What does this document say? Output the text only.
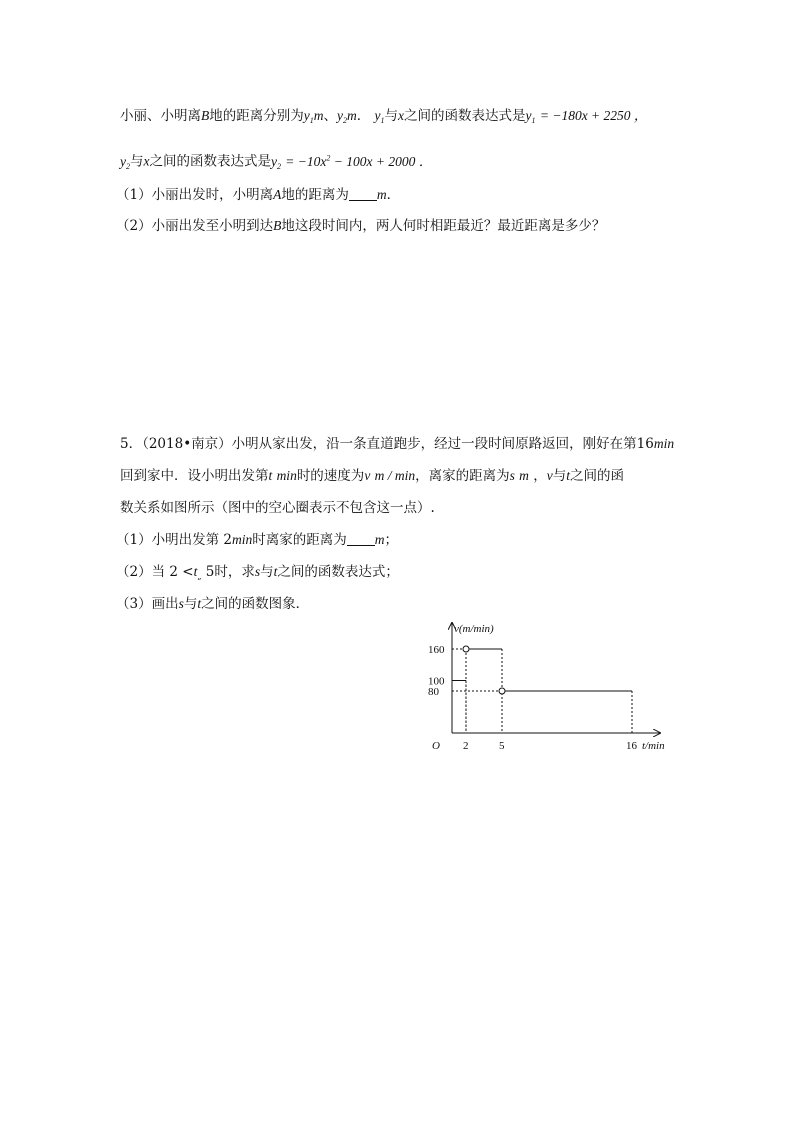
小丽、小明离B地的距离分别为$y_1m$、$y_2m$． $y_1$与x之间的函数表达式是$y_1 = -180x + 2250$ ，
$y_2$与x之间的函数表达式是$y_2 = -10x^2 - 100x + 2000$ ．
（1）小丽出发时，小明离A地的距离为 m．
（2）小丽出发至小明到达B地这段时间内，两人何时相距最近？最近距离是多少？
5．（2018•南京）小明从家出发，沿一条直道跑步，经过一段时间原路返回，刚好在第16min
回到家中．设小明出发第t min时的速度为v m / min，离家的距离为s m ，v与t之间的函
数关系如图所示（图中的空心圈表示不包含这一点）.
（1）小明出发第 2min时离家的距离为 m；
（2）当 $2 <t_„$ 5时，求s与t之间的函数表达式；
（3）画出s与t之间的函数图象．
v(m/min)
t/min
O 2	5	16
160
100
80
